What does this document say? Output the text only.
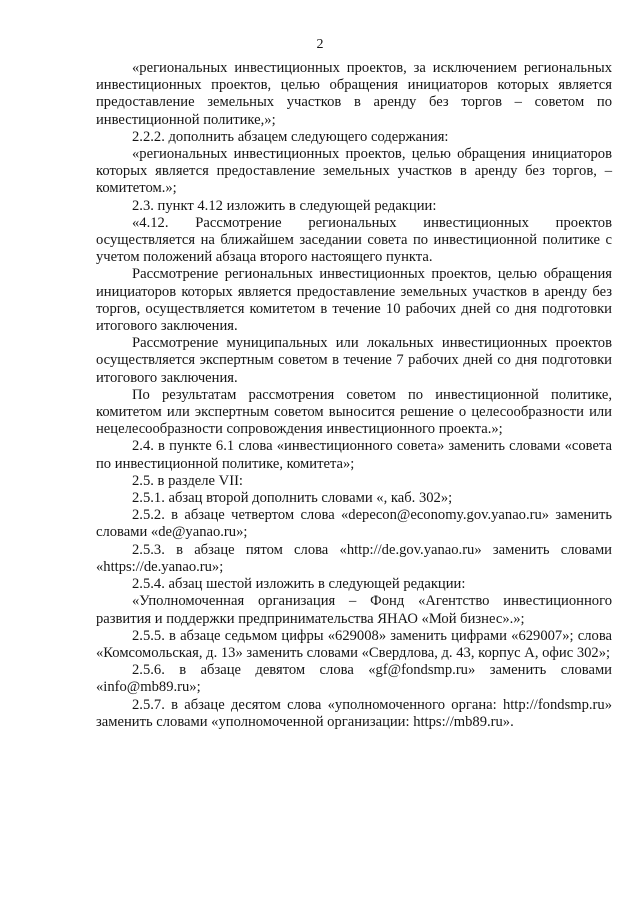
2

«региональных инвестиционных проектов, за исключением региональных инвестиционных проектов, целью обращения инициаторов которых является предоставление земельных участков в аренду без торгов – советом по инвестиционной политике,»;

2.2.2. дополнить абзацем следующего содержания:

«региональных инвестиционных проектов, целью обращения инициаторов которых является предоставление земельных участков в аренду без торгов, – комитетом.»;

2.3. пункт 4.12 изложить в следующей редакции:

«4.12. Рассмотрение региональных инвестиционных проектов осуществляется на ближайшем заседании совета по инвестиционной политике с учетом положений абзаца второго настоящего пункта.

Рассмотрение региональных инвестиционных проектов, целью обращения инициаторов которых является предоставление земельных участков в аренду без торгов, осуществляется комитетом в течение 10 рабочих дней со дня подготовки итогового заключения.

Рассмотрение муниципальных или локальных инвестиционных проектов осуществляется экспертным советом в течение 7 рабочих дней со дня подготовки итогового заключения.

По результатам рассмотрения советом по инвестиционной политике, комитетом или экспертным советом выносится решение о целесообразности или нецелесообразности сопровождения инвестиционного проекта.»;

2.4. в пункте 6.1 слова «инвестиционного совета» заменить словами «совета по инвестиционной политике, комитета»;

2.5. в разделе VII:

2.5.1. абзац второй дополнить словами «, каб. 302»;

2.5.2. в абзаце четвертом слова «depecon@economy.gov.yanao.ru» заменить словами «de@yanao.ru»;

2.5.3. в абзаце пятом слова «http://de.gov.yanao.ru» заменить словами «https://de.yanao.ru»;

2.5.4. абзац шестой изложить в следующей редакции:

«Уполномоченная организация – Фонд «Агентство инвестиционного развития и поддержки предпринимательства ЯНАО «Мой бизнес».»;

2.5.5. в абзаце седьмом цифры «629008» заменить цифрами «629007»; слова «Комсомольская, д. 13» заменить словами «Свердлова, д. 43, корпус А, офис 302»;

2.5.6. в абзаце девятом слова «gf@fondsmp.ru» заменить словами «info@mb89.ru»;

2.5.7. в абзаце десятом слова «уполномоченного органа: http://fondsmp.ru» заменить словами «уполномоченной организации: https://mb89.ru».
